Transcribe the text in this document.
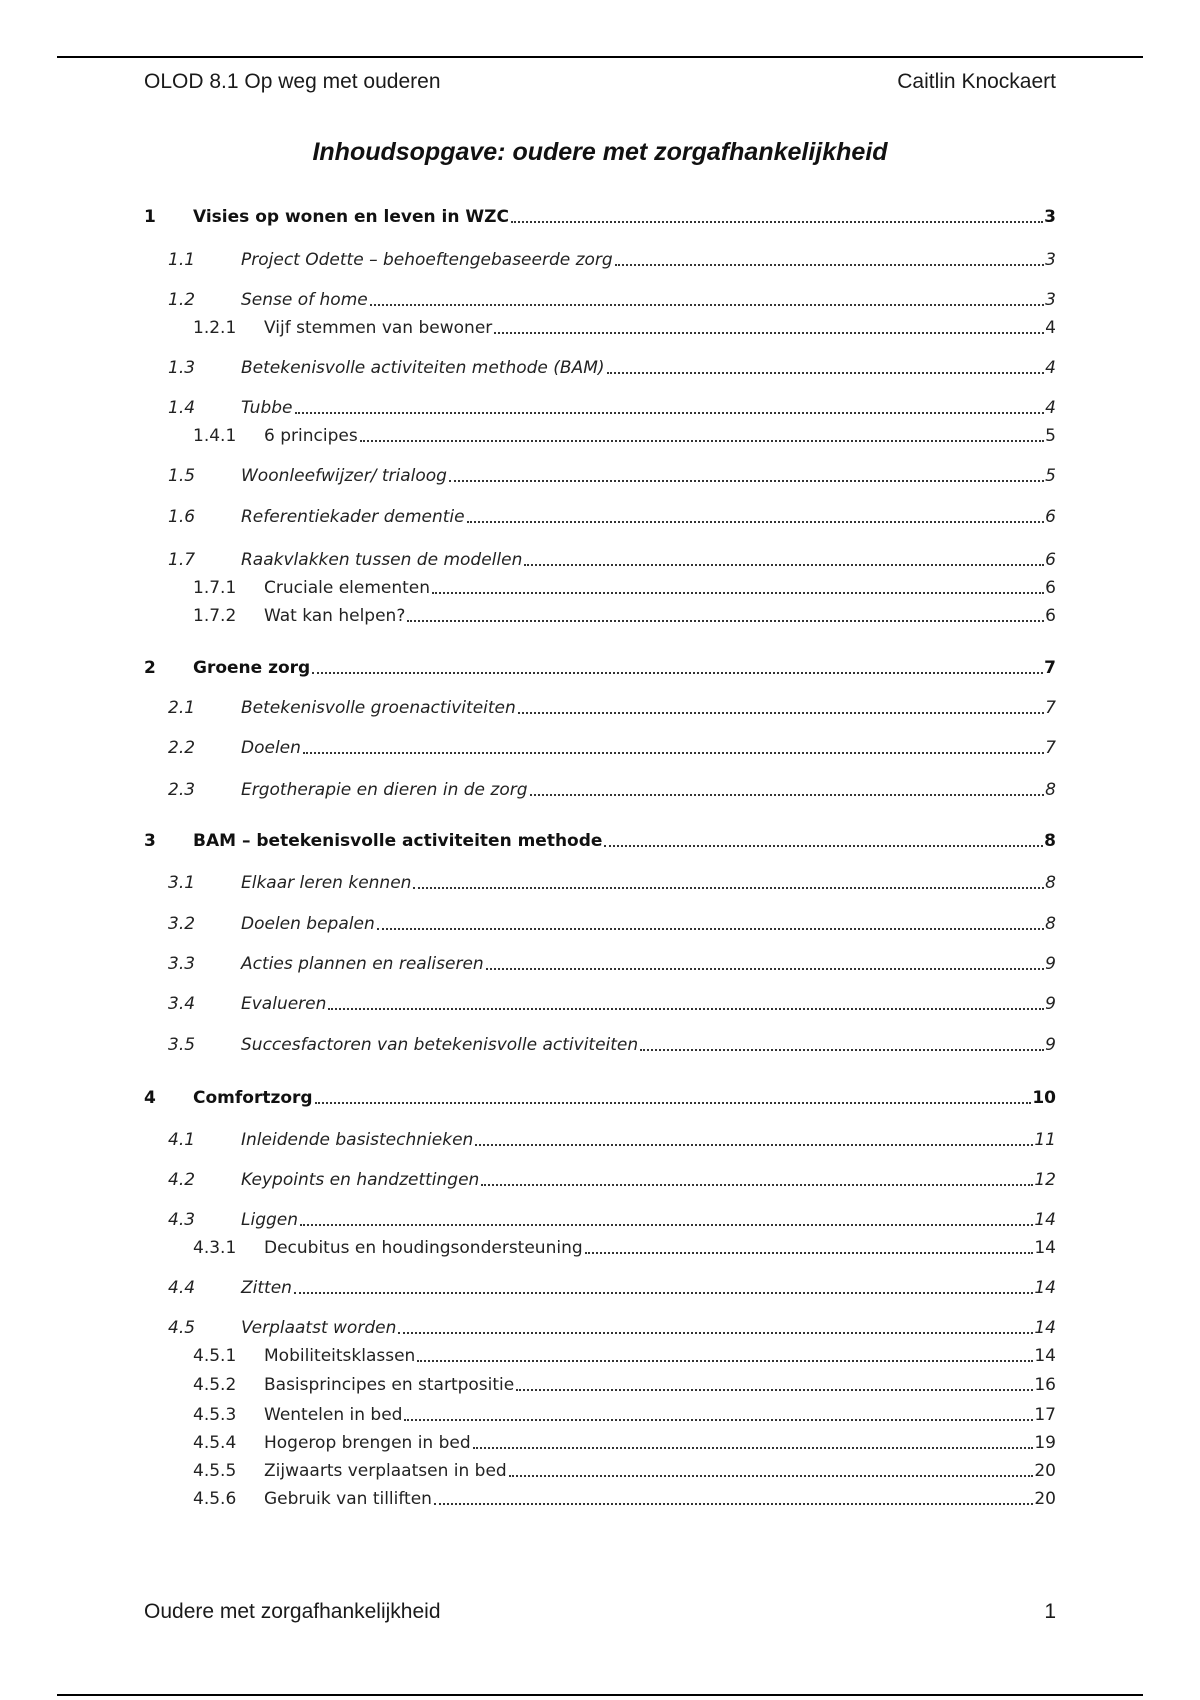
OLOD 8.1 Op weg met ouderen	Caitlin Knockaert
Inhoudsopgave: oudere met zorgafhankelijkheid
1	Visies op wonen en leven in WZC	3
1.1	Project Odette – behoeftengebaseerde zorg	3
1.2	Sense of home	3
1.2.1	Vijf stemmen van bewoner	4
1.3	Betekenisvolle activiteiten methode (BAM)	4
1.4	Tubbe	4
1.4.1	6 principes	5
1.5	Woonleefwijzer/ trialoog	5
1.6	Referentiekader dementie	6
1.7	Raakvlakken tussen de modellen	6
1.7.1	Cruciale elementen	6
1.7.2	Wat kan helpen?	6
2	Groene zorg	7
2.1	Betekenisvolle groenactiviteiten	7
2.2	Doelen	7
2.3	Ergotherapie en dieren in de zorg	8
3	BAM – betekenisvolle activiteiten methode	8
3.1	Elkaar leren kennen	8
3.2	Doelen bepalen	8
3.3	Acties plannen en realiseren	9
3.4	Evalueren	9
3.5	Succesfactoren van betekenisvolle activiteiten	9
4	Comfortzorg	10
4.1	Inleidende basistechnieken	11
4.2	Keypoints en handzettingen	12
4.3	Liggen	14
4.3.1	Decubitus en houdingsondersteuning	14
4.4	Zitten	14
4.5	Verplaatst worden	14
4.5.1	Mobiliteitsklassen	14
4.5.2	Basisprincipes en startpositie	16
4.5.3	Wentelen in bed	17
4.5.4	Hogerop brengen in bed	19
4.5.5	Zijwaarts verplaatsen in bed	20
4.5.6	Gebruik van tilliften	20
Oudere met zorgafhankelijkheid	1
